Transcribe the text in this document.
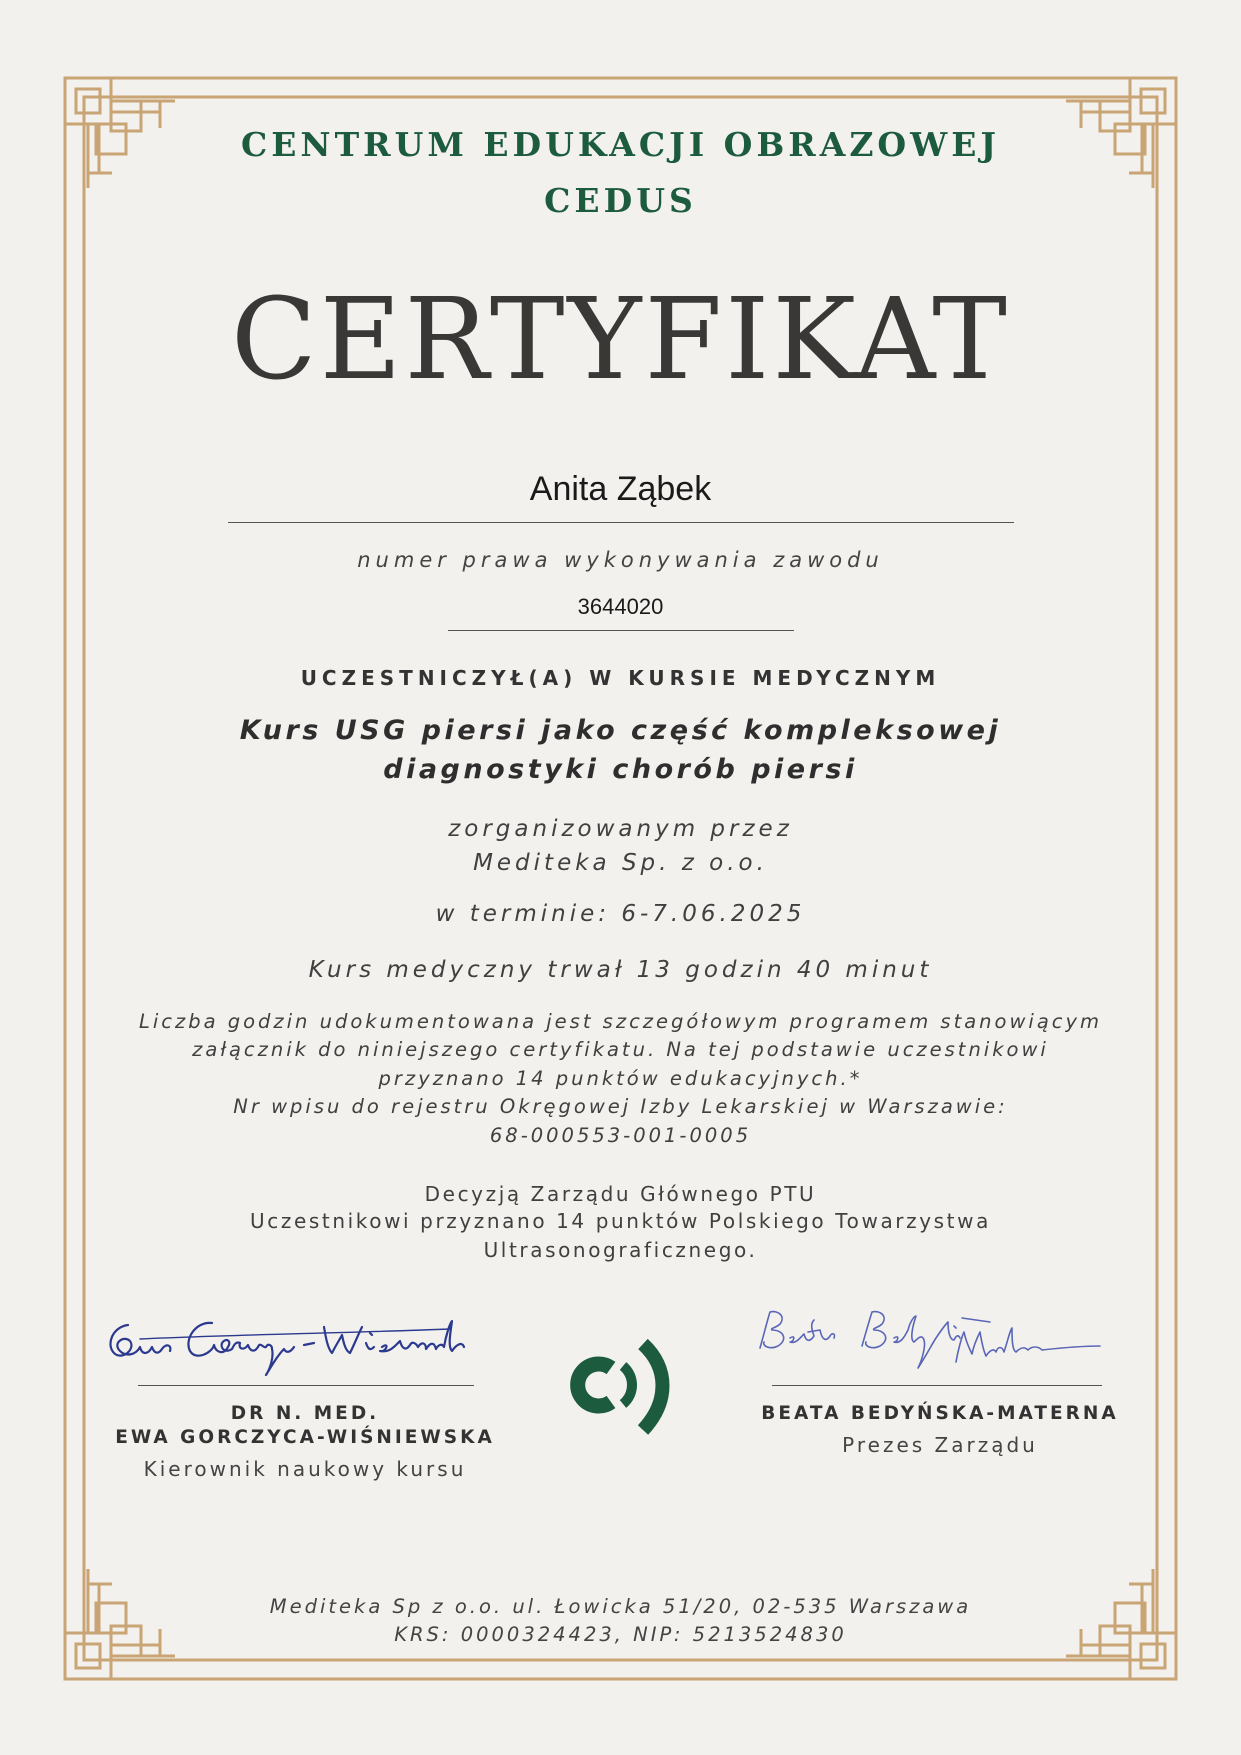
CENTRUM EDUKACJI OBRAZOWEJ
CEDUS
CERTYFIKAT
Anita Ząbek
numer prawa wykonywania zawodu
3644020
UCZESTNICZYŁ(A) W KURSIE MEDYCZNYM
Kurs USG piersi jako część kompleksowej
diagnostyki chorób piersi
zorganizowanym przez
Mediteka Sp. z o.o.
w terminie: 6-7.06.2025
Kurs medyczny trwał 13 godzin 40 minut
Liczba godzin udokumentowana jest szczegółowym programem stanowiącym
załącznik do niniejszego certyfikatu. Na tej podstawie uczestnikowi
przyznano 14 punktów edukacyjnych.*
Nr wpisu do rejestru Okręgowej Izby Lekarskiej w Warszawie:
68-000553-001-0005
Decyzją Zarządu Głównego PTU
Uczestnikowi przyznano 14 punktów Polskiego Towarzystwa
Ultrasonograficznego.
DR N. MED.
EWA GORCZYCA-WIŚNIEWSKA
Kierownik naukowy kursu
BEATA BEDYŃSKA-MATERNA
Prezes Zarządu
Mediteka Sp z o.o. ul. Łowicka 51/20, 02-535 Warszawa
KRS: 0000324423, NIP: 5213524830
